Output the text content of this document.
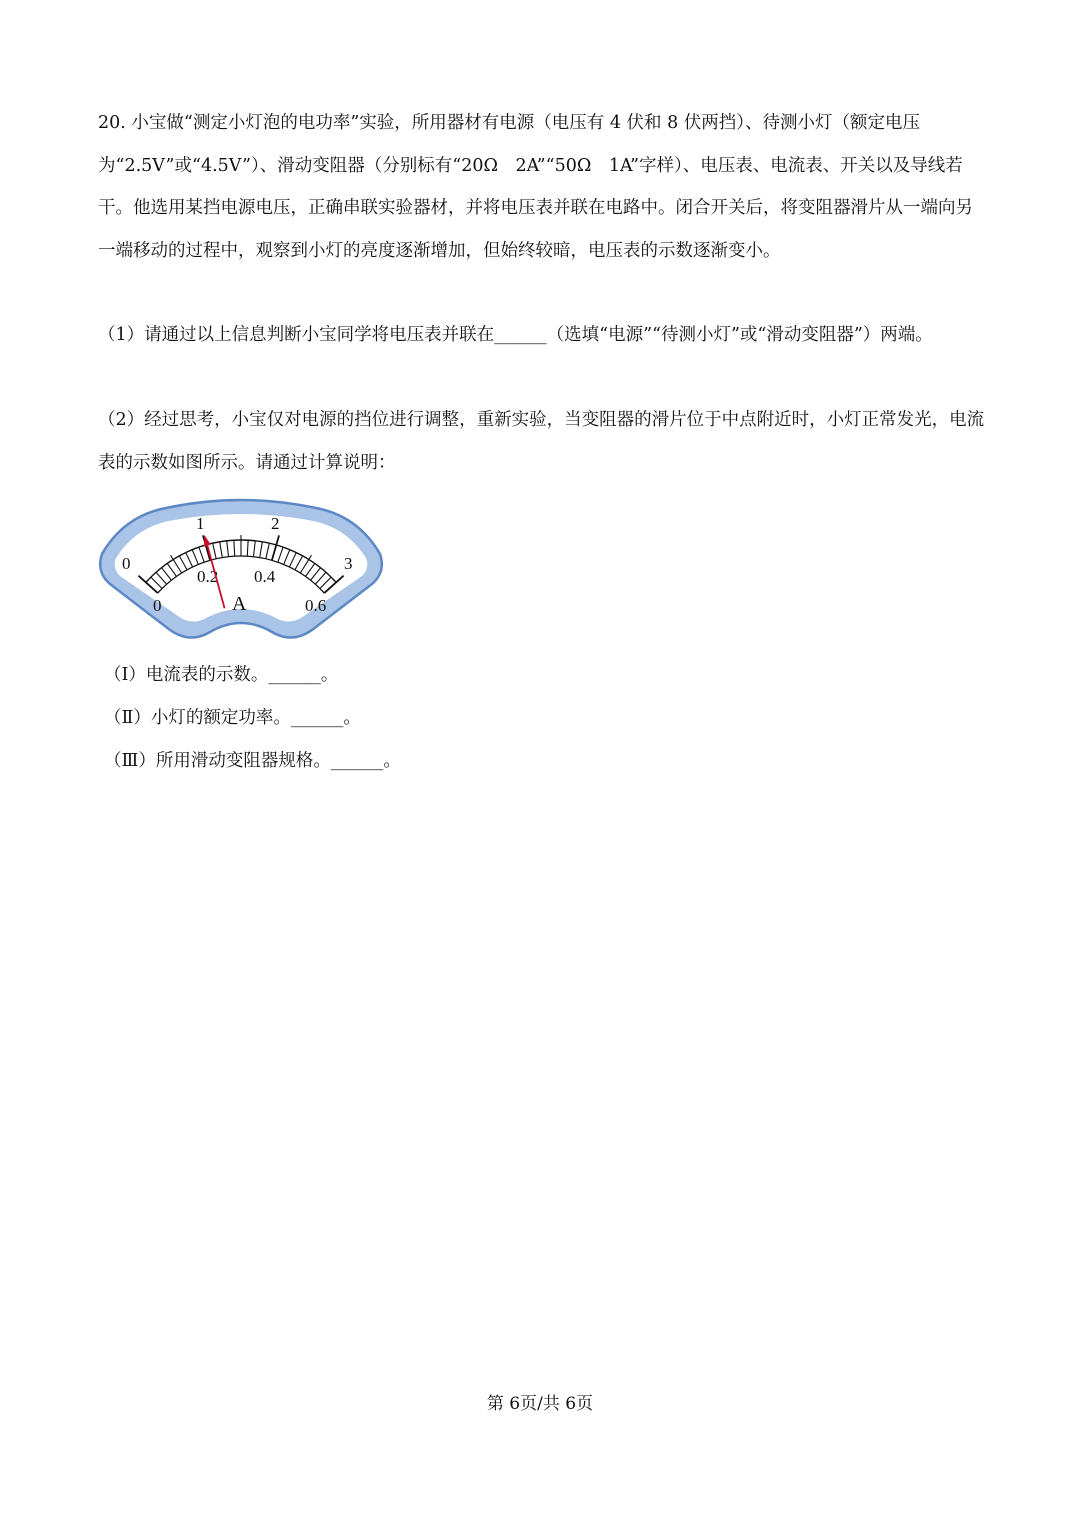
20. 小宝做“测定小灯泡的电功率”实验，所用器材有电源（电压有 4 伏和 8 伏两挡）、待测小灯（额定电压为“2.5V”或“4.5V”）、滑动变阻器（分别标有“20Ω　2A”“50Ω　1A”字样）、电压表、电流表、开关以及导线若干。他选用某挡电源电压，正确串联实验器材，并将电压表并联在电路中。闭合开关后，将变阻器滑片从一端向另一端移动的过程中，观察到小灯的亮度逐渐增加，但始终较暗，电压表的示数逐渐变小。

（1）请通过以上信息判断小宝同学将电压表并联在______（选填“电源”“待测小灯”或“滑动变阻器”）两端。

（2）经过思考，小宝仅对电源的挡位进行调整，重新实验，当变阻器的滑片位于中点附近时，小灯正常发光，电流表的示数如图所示。请通过计算说明：

0
1	2
3
0
0.2 0.4
0.6
A

（Ⅰ）电流表的示数。______。

（Ⅱ）小灯的额定功率。______。

（Ⅲ）所用滑动变阻器规格。______。

第 6页/共 6页
